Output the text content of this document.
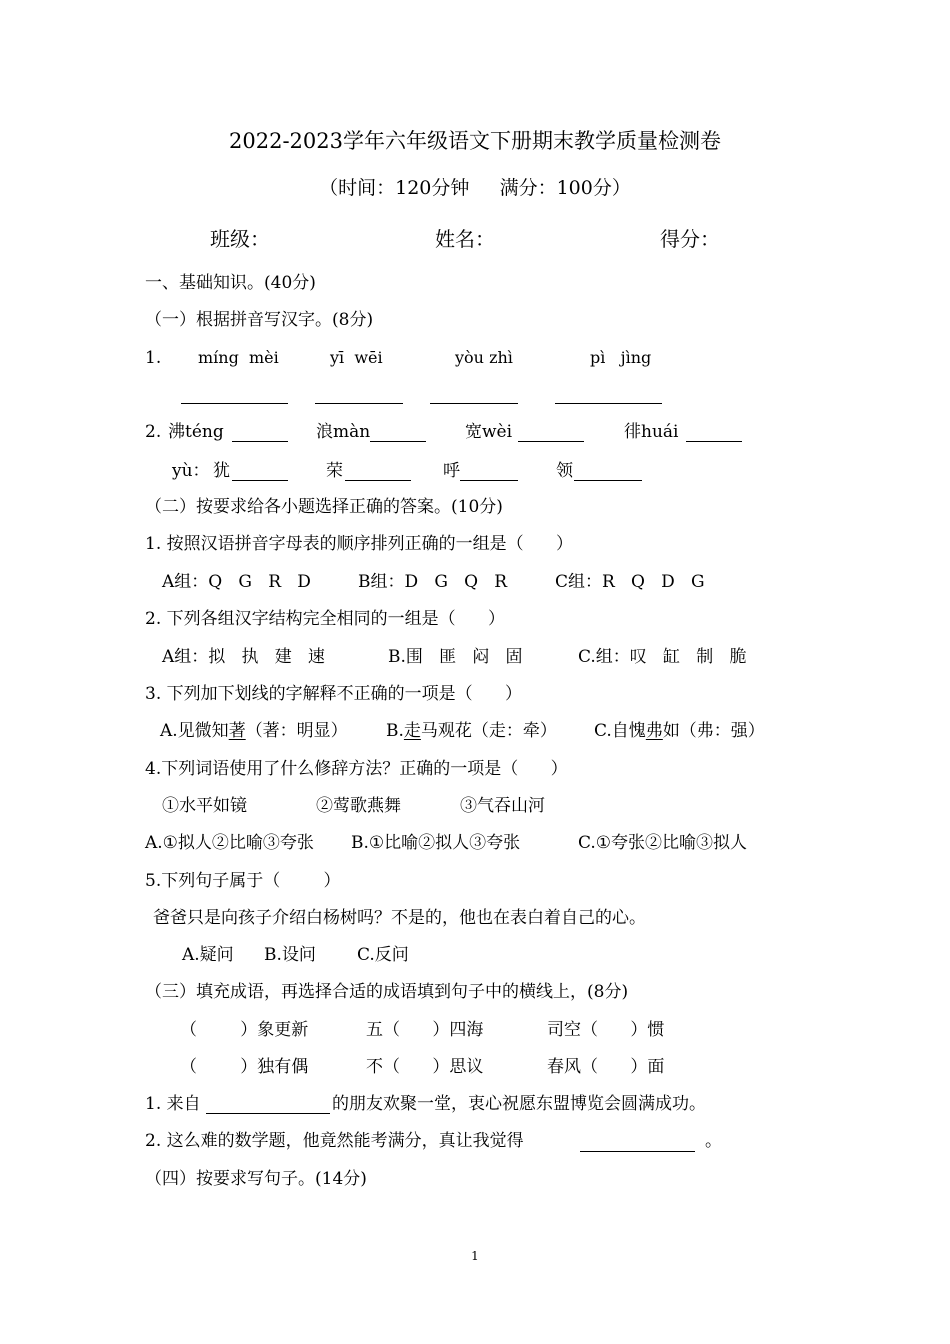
2022-2023学年六年级语文下册期末教学质量检测卷
（时间：120分钟     满分：100分）
班级：	姓名：	得分：
一、基础知识。(40分)
（一）根据拼音写汉字。(8分)
1. míng  mèi	yī  wēi	yòu zhì	pì   jìng
2. 沸téng	浪màn	宽wèi	徘huái
yù： 犹	荣	呼	领
（二）按要求给各小题选择正确的答案。(10分)
1. 按照汉语拼音字母表的顺序排列正确的一组是（      ）
A组：Q   G   R   D	B组：D   G   Q   R	C组：R   Q   D   G
2. 下列各组汉字结构完全相同的一组是（      ）
A组：拟   执   建   速	B.围   匪   闷   固	C.组：叹   缸   制   脆
3. 下列加下划线的字解释不正确的一项是（      ）
A.见微知著（著：明显） B.走马观花（走：牵） C.自愧弗如（弗：强）
4.下列词语使用了什么修辞方法？正确的一项是（      ）
①水平如镜	②莺歌燕舞	③气吞山河
A.①拟人②比喻③夸张 B.①比喻②拟人③夸张	C.①夸张②比喻③拟人
5.下列句子属于（        ）
爸爸只是向孩子介绍白杨树吗？不是的，他也在表白着自己的心。
A.疑问 B.设问 C.反问
（三）填充成语，再选择合适的成语填到句子中的横线上，(8分)
（        ）象更新	五（      ）四海	司空（      ）惯
（        ）独有偶	不（      ）思议	春风（      ）面
1. 来自	的朋友欢聚一堂，衷心祝愿东盟博览会圆满成功。
2. 这么难的数学题，他竟然能考满分，真让我觉得	。
（四）按要求写句子。(14分)
1
